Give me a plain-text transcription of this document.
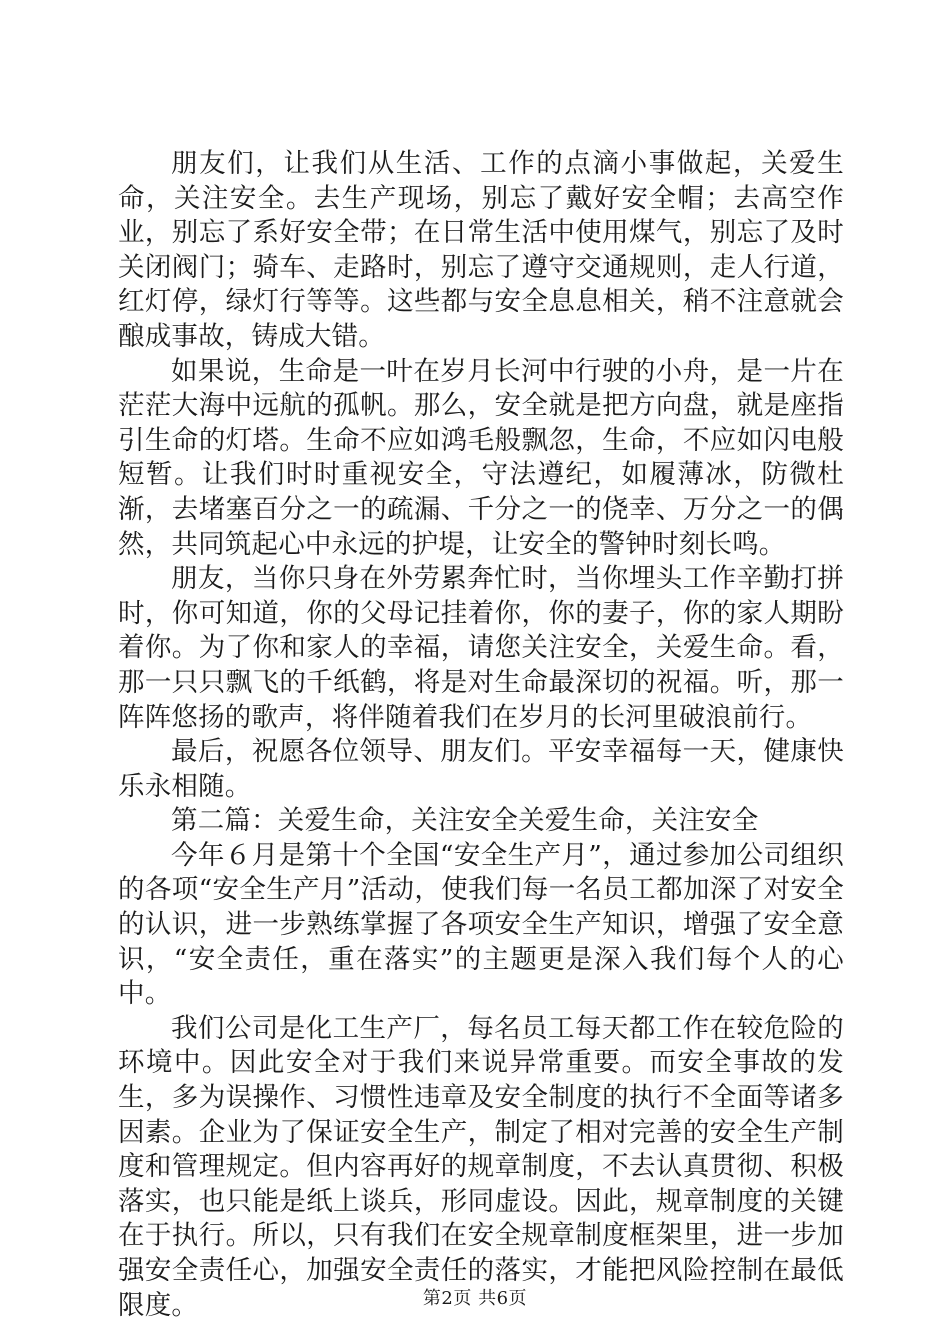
朋友们，让我们从生活、工作的点滴小事做起，关爱生命，关注安全。去生产现场，别忘了戴好安全帽；去高空作业，别忘了系好安全带；在日常生活中使用煤气，别忘了及时关闭阀门；骑车、走路时，别忘了遵守交通规则，走人行道，红灯停，绿灯行等等。这些都与安全息息相关，稍不注意就会酿成事故，铸成大错。

如果说，生命是一叶在岁月长河中行驶的小舟，是一片在茫茫大海中远航的孤帆。那么，安全就是把方向盘，就是座指引生命的灯塔。生命不应如鸿毛般飘忽，生命，不应如闪电般短暂。让我们时时重视安全，守法遵纪，如履薄冰，防微杜渐，去堵塞百分之一的疏漏、千分之一的侥幸、万分之一的偶然，共同筑起心中永远的护堤，让安全的警钟时刻长鸣。

朋友，当你只身在外劳累奔忙时，当你埋头工作辛勤打拼时，你可知道，你的父母记挂着你，你的妻子，你的家人期盼着你。为了你和家人的幸福，请您关注安全，关爱生命。看，那一只只飘飞的千纸鹤，将是对生命最深切的祝福。听，那一阵阵悠扬的歌声，将伴随着我们在岁月的长河里破浪前行。

最后，祝愿各位领导、朋友们。平安幸福每一天，健康快乐永相随。

第二篇：关爱生命，关注安全关爱生命，关注安全

今年６月是第十个全国“安全生产月”，通过参加公司组织的各项“安全生产月”活动，使我们每一名员工都加深了对安全的认识，进一步熟练掌握了各项安全生产知识，增强了安全意识，“安全责任，重在落实”的主题更是深入我们每个人的心中。

我们公司是化工生产厂，每名员工每天都工作在较危险的环境中。因此安全对于我们来说异常重要。而安全事故的发生，多为误操作、习惯性违章及安全制度的执行不全面等诸多因素。企业为了保证安全生产，制定了相对完善的安全生产制度和管理规定。但内容再好的规章制度，不去认真贯彻、积极落实，也只能是纸上谈兵，形同虚设。因此，规章制度的关键在于执行。所以，只有我们在安全规章制度框架里，进一步加强安全责任心，加强安全责任的落实，才能把风险控制在最低限度。	第2页 共6页
